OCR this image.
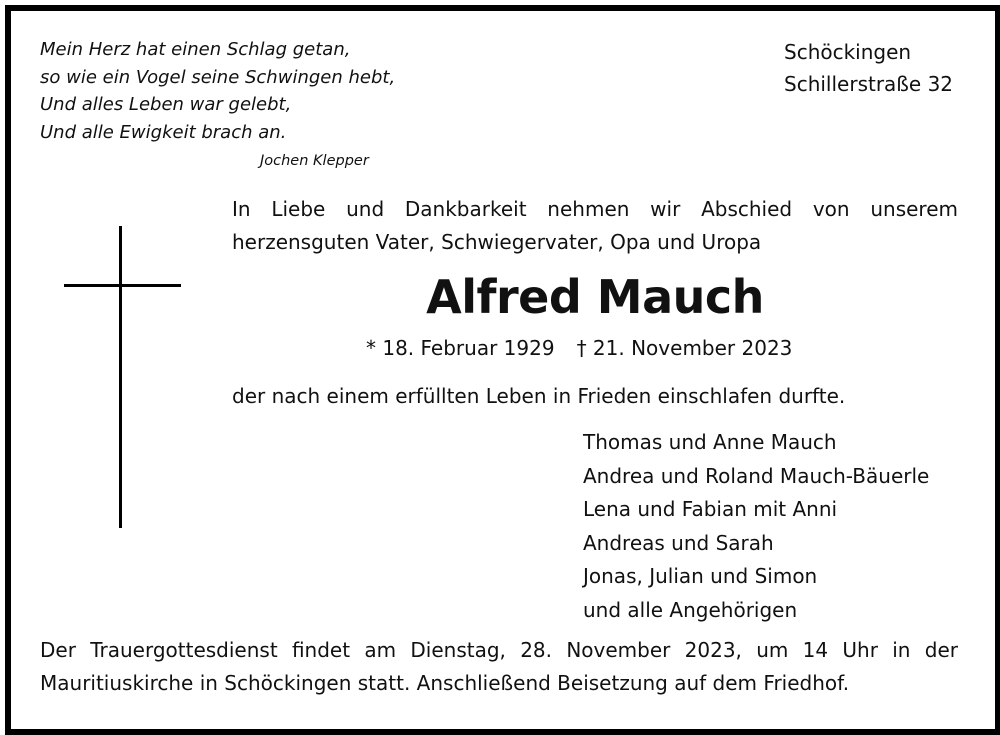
Mein Herz hat einen Schlag getan,
so wie ein Vogel seine Schwingen hebt,
Und alles Leben war gelebt,
Und alle Ewigkeit brach an.
Jochen Klepper
Schöckingen
Schillerstraße 32
In Liebe und Dankbarkeit nehmen wir Abschied von unserem
herzensguten Vater, Schwiegervater, Opa und Uropa
Alfred Mauch
* 18. Februar 1929 † 21. November 2023
der nach einem erfüllten Leben in Frieden einschlafen durfte.
Thomas und Anne Mauch
Andrea und Roland Mauch-Bäuerle
Lena und Fabian mit Anni
Andreas und Sarah
Jonas, Julian und Simon
und alle Angehörigen
Der Trauergottesdienst findet am Dienstag, 28. November 2023, um 14 Uhr in der
Mauritiuskirche in Schöckingen statt. Anschließend Beisetzung auf dem Friedhof.
